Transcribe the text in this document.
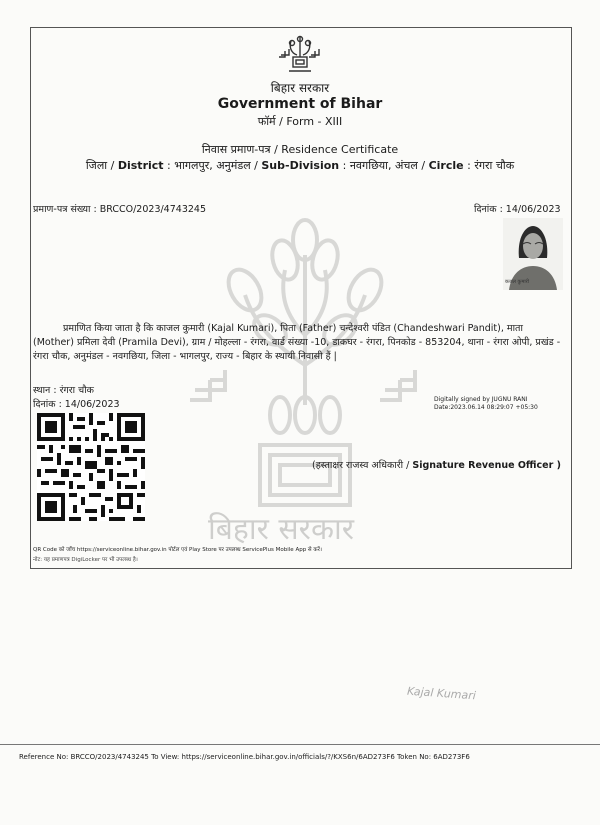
बिहार सरकार
बिहार सरकार
Government of Bihar
फॉर्म / Form - XIII
निवास प्रमाण-पत्र / Residence Certificate
जिला / District : भागलपुर, अनुमंडल / Sub-Division : नवगछिया, अंचल / Circle : रंगरा चौक
प्रमाण-पत्र संख्या : BRCCO/2023/4743245	दिनांक : 14/06/2023
कजल कुमारी
प्रमाणित किया जाता है कि काजल कुमारी (Kajal Kumari), पिता (Father) चन्देश्वरी पंडित (Chandeshwari Pandit), माता (Mother) प्रमिला देवी (Pramila Devi), ग्राम / मोहल्ला - रंगरा, वार्ड संख्या -10, डाकघर - रंगरा, पिनकोड - 853204, थाना - रंगरा ओपी, प्रखंड - रंगरा चौक, अनुमंडल - नवगछिया, जिला - भागलपुर, राज्य - बिहार के स्थायी निवासी हैं |
स्थान : रंगरा चौक
दिनांक : 14/06/2023	Digitally signed by JUGNU RANI
Date:2023.06.14 08:29:07 +05:30
(हस्ताक्षर राजस्व अधिकारी / Signature Revenue Officer )
QR Code को जाँच https://serviceonline.bihar.gov.in पोर्टल एवं Play Store पर उपलब्ध ServicePlus Mobile App से करें।
नोट: यह प्रमाणपत्र DigiLocker पर भी उपलब्ध है।
Kajal Kumari
Reference No: BRCCO/2023/4743245 To View: https://serviceonline.bihar.gov.in/officials/?/KXS6n/6AD273F6 Token No: 6AD273F6
